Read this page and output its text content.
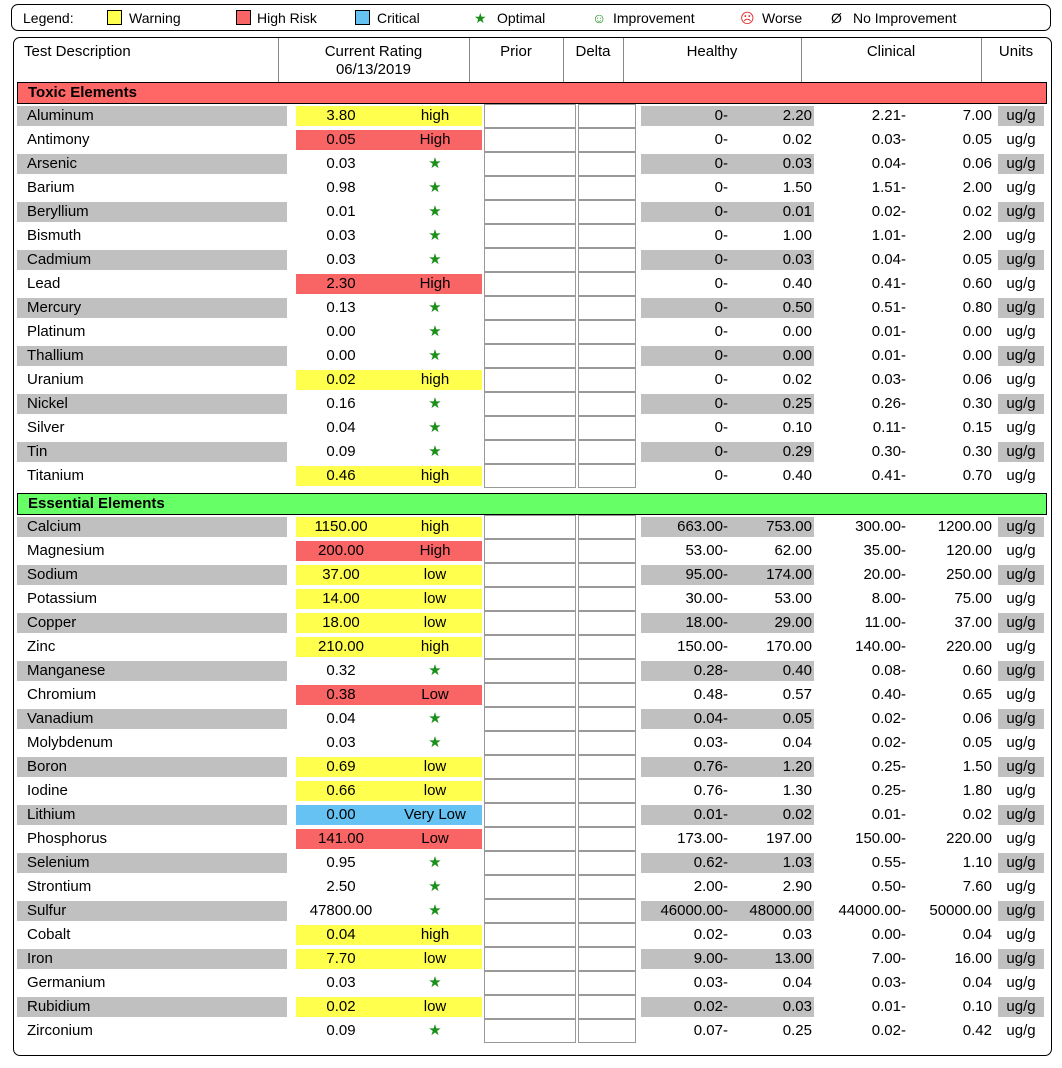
Legend:	Warning	High Risk	Critical	★ Optimal	☺ Improvement	☹ Worse Ø No Improvement
Test Description	Current Rating
06/13/2019
Prior	Delta	Healthy	Clinical	Units
Toxic Elements
Aluminum	3.80	high	0-	2.20	2.21-	7.00 ug/g
Antimony	0.05	High	0-	0.02	0.03-	0.05 ug/g
Arsenic	0.03	★	0-	0.03	0.04-	0.06 ug/g
Barium	0.98	★	0-	1.50	1.51-	2.00 ug/g
Beryllium	0.01	★	0-	0.01	0.02-	0.02 ug/g
Bismuth	0.03	★	0-	1.00	1.01-	2.00 ug/g
Cadmium	0.03	★	0-	0.03	0.04-	0.05 ug/g
Lead	2.30	High	0-	0.40	0.41-	0.60 ug/g
Mercury	0.13	★	0-	0.50	0.51-	0.80 ug/g
Platinum	0.00	★	0-	0.00	0.01-	0.00 ug/g
Thallium	0.00	★	0-	0.00	0.01-	0.00 ug/g
Uranium	0.02	high	0-	0.02	0.03-	0.06 ug/g
Nickel	0.16	★	0-	0.25	0.26-	0.30 ug/g
Silver	0.04	★	0-	0.10	0.11-	0.15 ug/g
Tin	0.09	★	0-	0.29	0.30-	0.30 ug/g
Titanium	0.46	high	0-	0.40	0.41-	0.70 ug/g
Essential Elements
Calcium	1150.00	high	663.00-	753.00	300.00-	1200.00 ug/g
Magnesium	200.00	High	53.00-	62.00	35.00-	120.00 ug/g
Sodium	37.00	low	95.00-	174.00	20.00-	250.00 ug/g
Potassium	14.00	low	30.00-	53.00	8.00-	75.00 ug/g
Copper	18.00	low	18.00-	29.00	11.00-	37.00 ug/g
Zinc	210.00	high	150.00-	170.00	140.00-	220.00 ug/g
Manganese	0.32	★	0.28-	0.40	0.08-	0.60 ug/g
Chromium	0.38	Low	0.48-	0.57	0.40-	0.65 ug/g
Vanadium	0.04	★	0.04-	0.05	0.02-	0.06 ug/g
Molybdenum	0.03	★	0.03-	0.04	0.02-	0.05 ug/g
Boron	0.69	low	0.76-	1.20	0.25-	1.50 ug/g
Iodine	0.66	low	0.76-	1.30	0.25-	1.80 ug/g
Lithium	0.00	Very Low	0.01-	0.02	0.01-	0.02 ug/g
Phosphorus	141.00	Low	173.00-	197.00	150.00-	220.00 ug/g
Selenium	0.95	★	0.62-	1.03	0.55-	1.10 ug/g
Strontium	2.50	★	2.00-	2.90	0.50-	7.60 ug/g
Sulfur	47800.00	★	46000.00-	48000.00	44000.00-	50000.00 ug/g
Cobalt	0.04	high	0.02-	0.03	0.00-	0.04 ug/g
Iron	7.70	low	9.00-	13.00	7.00-	16.00 ug/g
Germanium	0.03	★	0.03-	0.04	0.03-	0.04 ug/g
Rubidium	0.02	low	0.02-	0.03	0.01-	0.10 ug/g
Zirconium	0.09	★	0.07-	0.25	0.02-	0.42 ug/g
